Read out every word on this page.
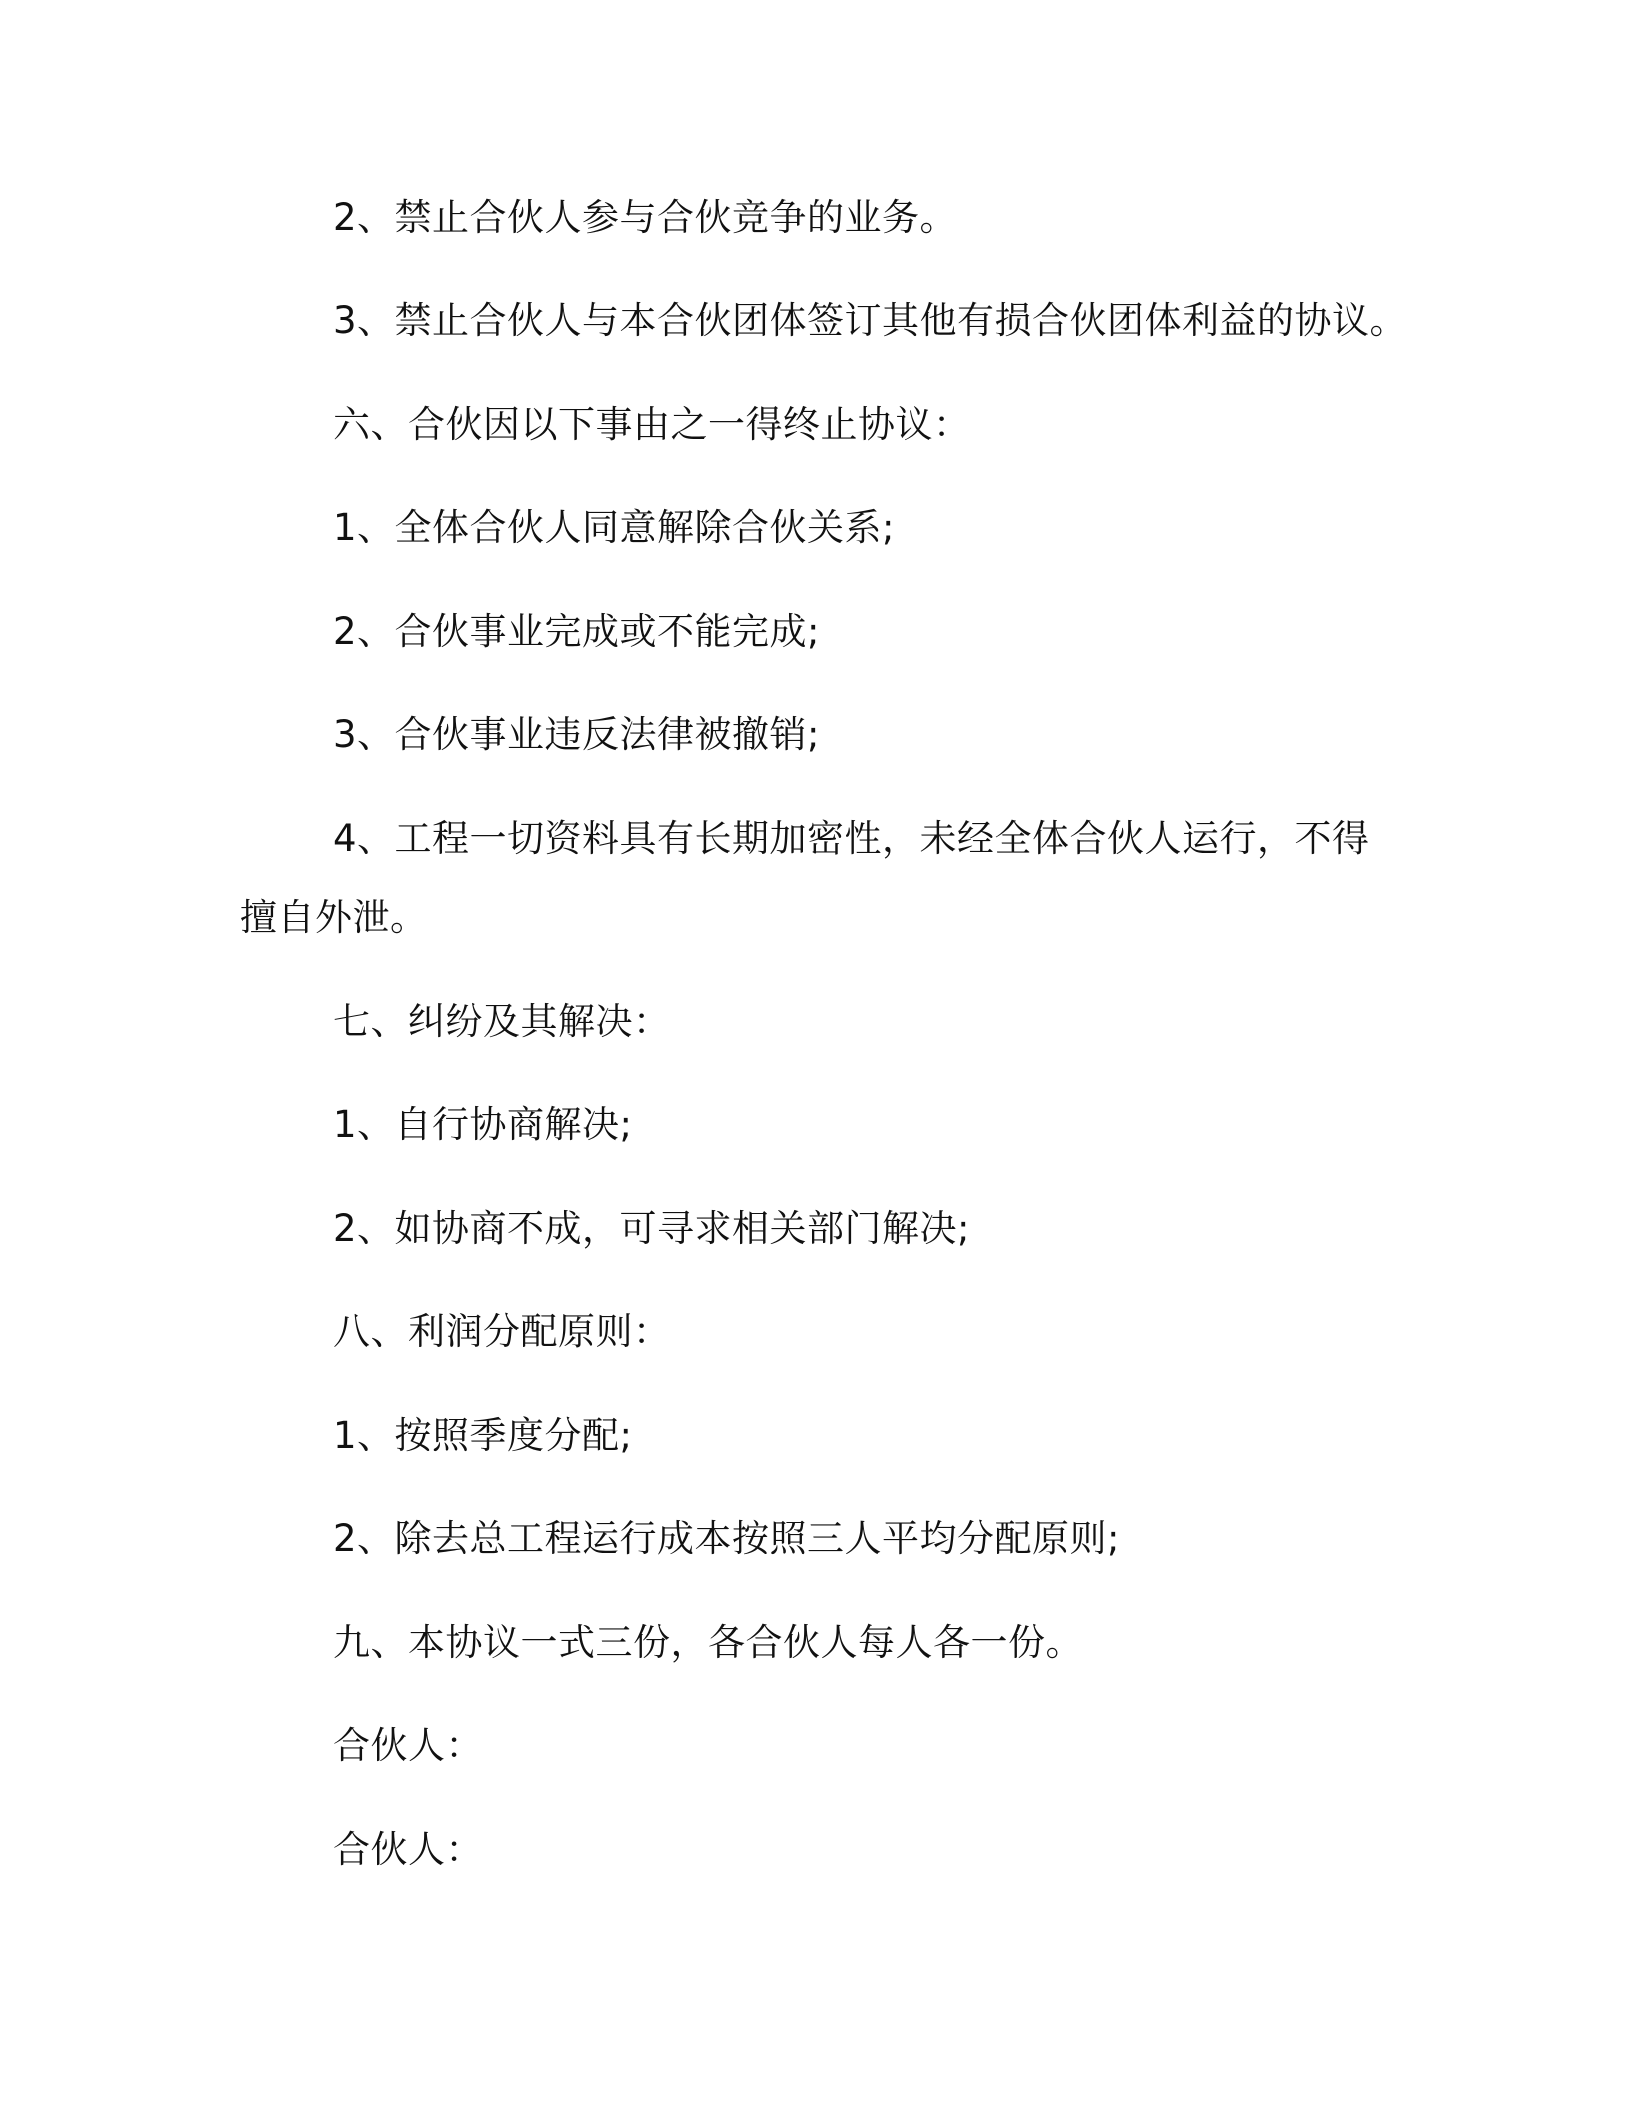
2、禁止合伙人参与合伙竞争的业务。
3、禁止合伙人与本合伙团体签订其他有损合伙团体利益的协议。
六、合伙因以下事由之一得终止协议：
1、全体合伙人同意解除合伙关系;
2、合伙事业完成或不能完成;
3、合伙事业违反法律被撤销;
4、工程一切资料具有长期加密性，未经全体合伙人运行，不得
擅自外泄。
七、纠纷及其解决：
1、自行协商解决;
2、如协商不成，可寻求相关部门解决;
八、利润分配原则：
1、按照季度分配;
2、除去总工程运行成本按照三人平均分配原则;
九、本协议一式三份，各合伙人每人各一份。
合伙人：
合伙人：
